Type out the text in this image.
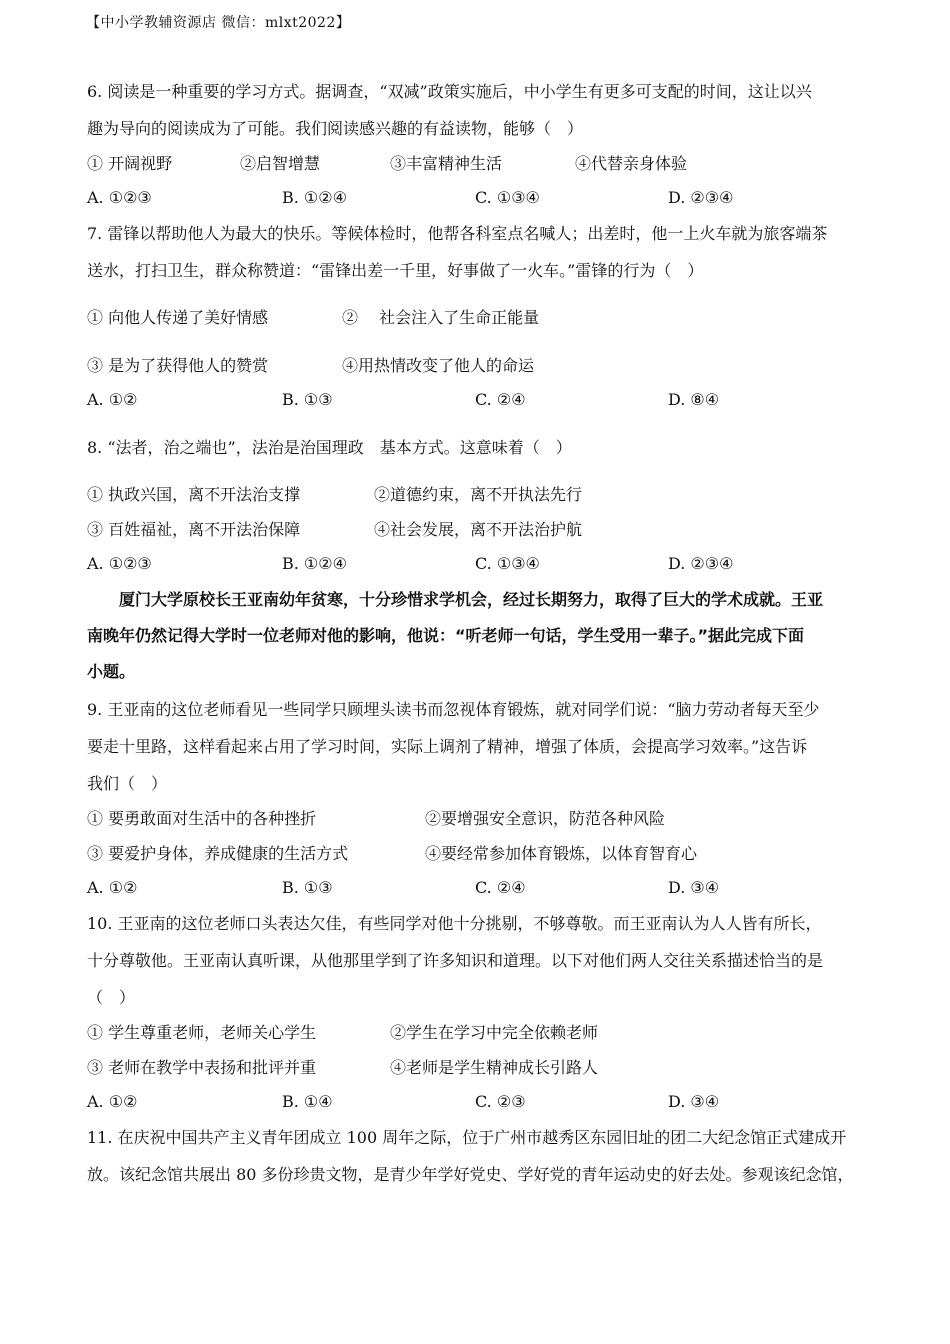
【中小学教辅资源店 微信：mlxt2022】
6. 阅读是一种重要的学习方式。据调查，“双减”政策实施后，中小学生有更多可支配的时间，这让以兴
趣为导向的阅读成为了可能。我们阅读感兴趣的有益读物，能够（　）
① 开阔视野	②启智增慧	③丰富精神生活	④代替亲身体验
A. ①②③	B. ①②④	C. ①③④	D. ②③④
7. 雷锋以帮助他人为最大的快乐。等候体检时，他帮各科室点名喊人；出差时，他一上火车就为旅客端茶
送水，打扫卫生，群众称赞道：“雷锋出差一千里，好事做了一火车。”雷锋的行为（　）
① 向他人传递了美好情感	②　 社会注入了生命正能量
③ 是为了获得他人的赞赏	④用热情改变了他人的命运
A. ①②	B. ①③	C. ②④	D. ⑧④
8. “法者，治之端也”，法治是治国理政　基本方式。这意味着（　）
① 执政兴国，离不开法治支撑	②道德约束，离不开执法先行
③ 百姓福祉，离不开法治保障	④社会发展，离不开法治护航
A. ①②③	B. ①②④	C. ①③④	D. ②③④
厦门大学原校长王亚南幼年贫寒，十分珍惜求学机会，经过长期努力，取得了巨大的学术成就。王亚
南晚年仍然记得大学时一位老师对他的影响，他说：“听老师一句话，学生受用一辈子。”据此完成下面
小题。
9. 王亚南的这位老师看见一些同学只顾埋头读书而忽视体育锻炼，就对同学们说：“脑力劳动者每天至少
要走十里路，这样看起来占用了学习时间，实际上调剂了精神，增强了体质，会提高学习效率。”这告诉
我们（　）
① 要勇敢面对生活中的各种挫折	②要增强安全意识，防范各种风险
③ 要爱护身体，养成健康的生活方式	④要经常参加体育锻炼，以体育智育心
A. ①②	B. ①③	C. ②④	D. ③④
10. 王亚南的这位老师口头表达欠佳，有些同学对他十分挑剔，不够尊敬。而王亚南认为人人皆有所长，
十分尊敬他。王亚南认真听课，从他那里学到了许多知识和道理。以下对他们两人交往关系描述恰当的是
（　）
① 学生尊重老师，老师关心学生	②学生在学习中完全依赖老师
③ 老师在教学中表扬和批评并重	④老师是学生精神成长引路人
A. ①②	B. ①④	C. ②③	D. ③④
11. 在庆祝中国共产主义青年团成立 100 周年之际，位于广州市越秀区东园旧址的团二大纪念馆正式建成开
放。该纪念馆共展出 80 多份珍贵文物，是青少年学好党史、学好党的青年运动史的好去处。参观该纪念馆，
